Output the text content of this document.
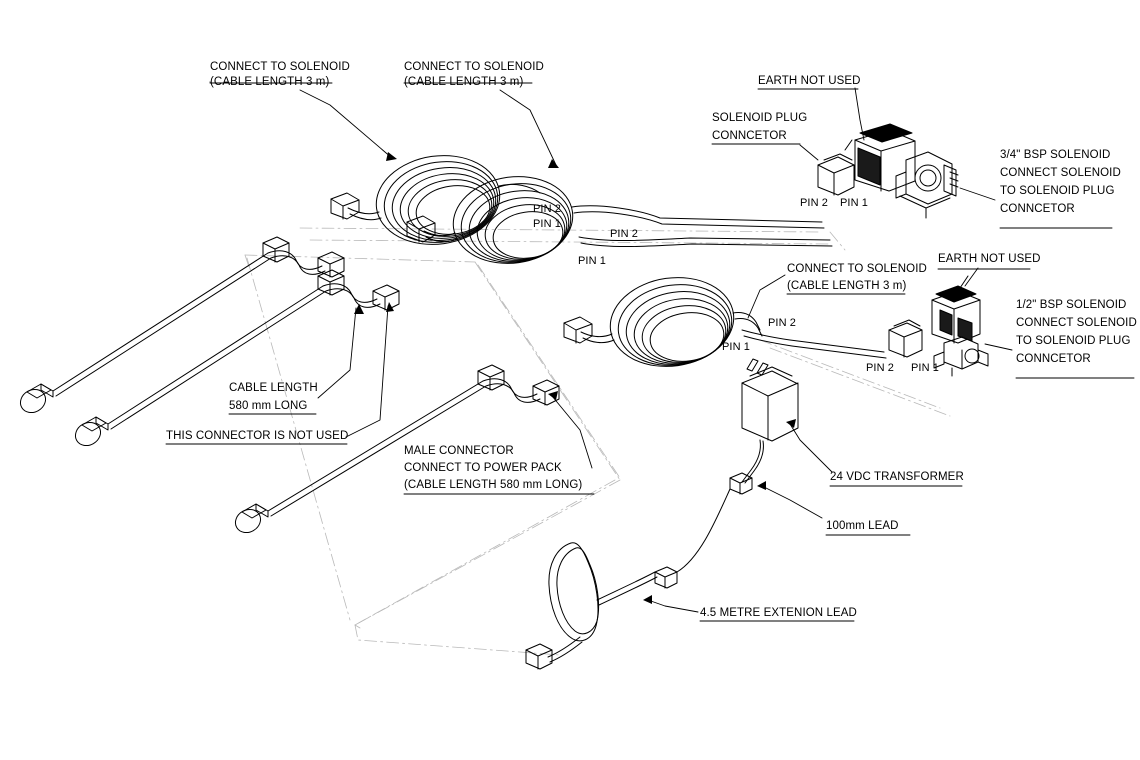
CONNECT TO SOLENOID
(CABLE LENGTH 3 m)
CONNECT TO SOLENOID
(CABLE LENGTH 3 m)	EARTH NOT USED
SOLENOID PLUG
CONNCETOR
3/4" BSP SOLENOID
CONNECT SOLENOID
TO SOLENOID PLUG
CONNCETOR
CONNECT TO SOLENOID
(CABLE LENGTH 3 m)
EARTH NOT USED
1/2" BSP SOLENOID
CONNECT SOLENOID
TO SOLENOID PLUG
CONNCETOR
CABLE LENGTH
580 mm LONG
THIS CONNECTOR IS NOT USED
MALE CONNECTOR
CONNECT TO POWER PACK
(CABLE LENGTH 580 mm LONG)
24 VDC TRANSFORMER
100mm LEAD
4.5 METRE EXTENION LEAD
PIN 1
PIN 2
PIN 1
PIN 2
PIN 1
PIN 2
PIN 2 PIN 1
PIN 2 PIN 1
